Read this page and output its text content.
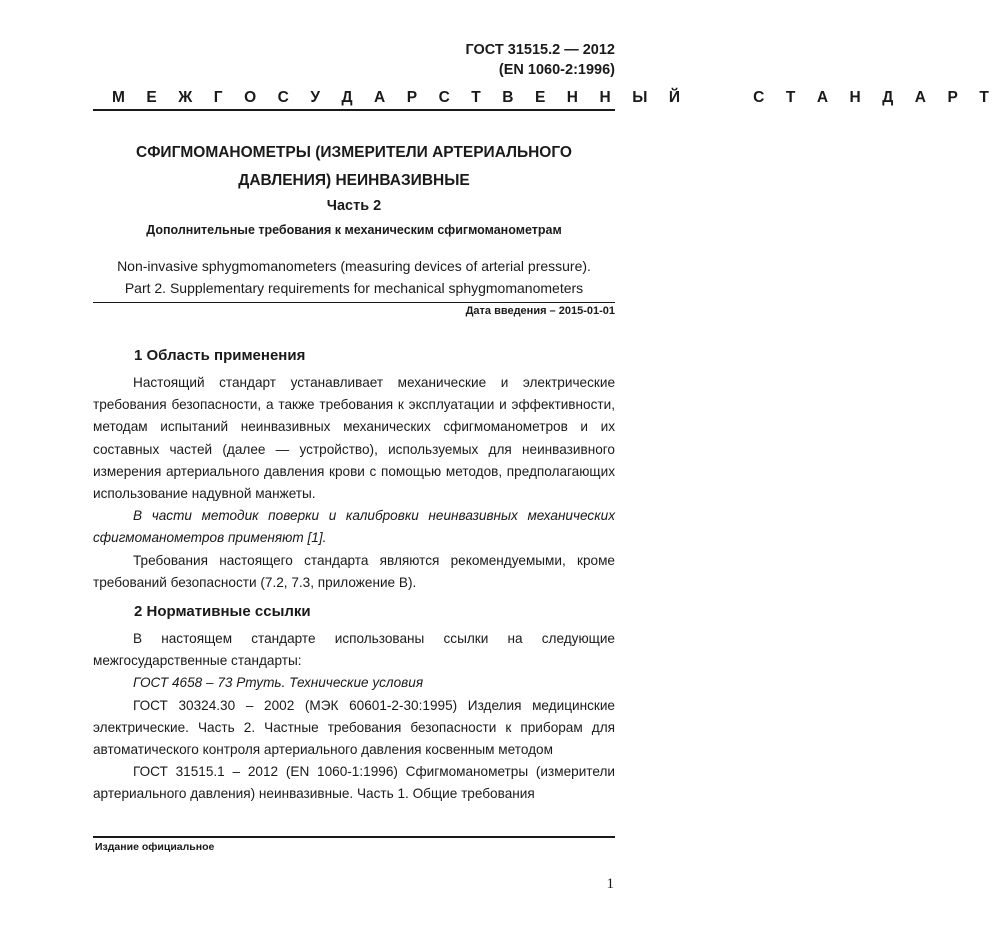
ГОСТ 31515.2 — 2012
(EN 1060-2:1996)
М Е Ж Г О С У Д А Р С Т В Е Н Н Ы Й     С Т А Н Д А Р Т
СФИГМОМАНОМЕТРЫ (ИЗМЕРИТЕЛИ АРТЕРИАЛЬНОГО
ДАВЛЕНИЯ) НЕИНВАЗИВНЫЕ
Часть 2
Дополнительные требования к механическим сфигмоманометрам
Non-invasive sphygmomanometers (measuring devices of arterial pressure).
Part 2. Supplementary requirements for mechanical sphygmomanometers
Дата введения – 2015-01-01
1 Область применения

Настоящий стандарт устанавливает механические и электрические требования безопасности, а также требования к эксплуатации и эффективности, методам испытаний неинвазивных механических сфигмоманометров и их составных частей (далее — устройство), используемых для неинвазивного измерения артериального давления крови с помощью методов, предполагающих использование надувной манжеты.

В части методик поверки и калибровки неинвазивных механических сфигмоманометров применяют [1].

Требования настоящего стандарта являются рекомендуемыми, кроме требований безопасности (7.2, 7.3, приложение В).

2 Нормативные ссылки

В настоящем стандарте использованы ссылки на следующие межгосударственные стандарты:

ГОСТ 4658 – 73 Ртуть. Технические условия

ГОСТ 30324.30 – 2002 (МЭК 60601-2-30:1995) Изделия медицинские электрические. Часть 2. Частные требования безопасности к приборам для автоматического контроля артериального давления косвенным методом

ГОСТ 31515.1 – 2012 (EN 1060-1:1996) Сфигмоманометры (измерители артериального давления) неинвазивные. Часть 1. Общие требования

Издание официальное
1
